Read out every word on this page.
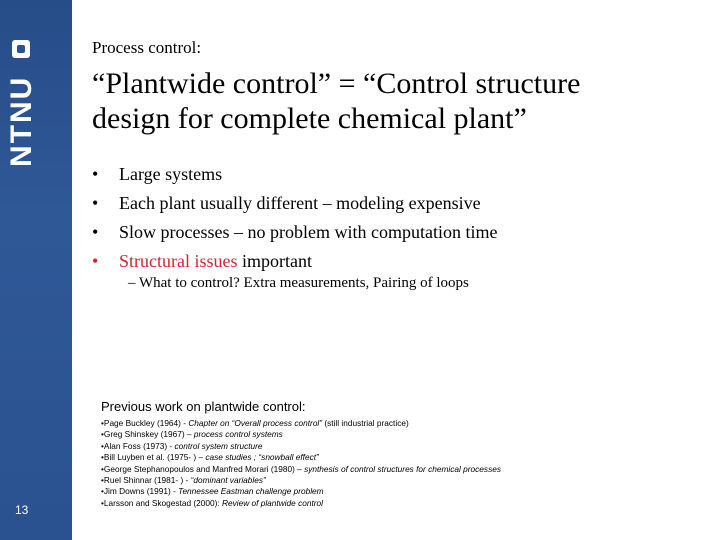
NTNU
13
Process control:
“Plantwide control” = “Control structure
design for complete chemical plant”
• Large systems
• Each plant usually different – modeling expensive
• Slow processes – no problem with computation time
• Structural issues important
– What to control? Extra measurements, Pairing of loops
Previous work on plantwide control:
•Page Buckley (1964) - Chapter on “Overall process control” (still industrial practice)
•Greg Shinskey (1967) – process control systems
•Alan Foss (1973) - control system structure
•Bill Luyben et al. (1975- ) – case studies ; “snowball effect”
•George Stephanopoulos and Manfred Morari (1980) – synthesis of control structures for chemical processes
•Ruel Shinnar (1981- ) - “dominant variables”
•Jim Downs (1991) - Tennessee Eastman challenge problem
•Larsson and Skogestad (2000): Review of plantwide control
